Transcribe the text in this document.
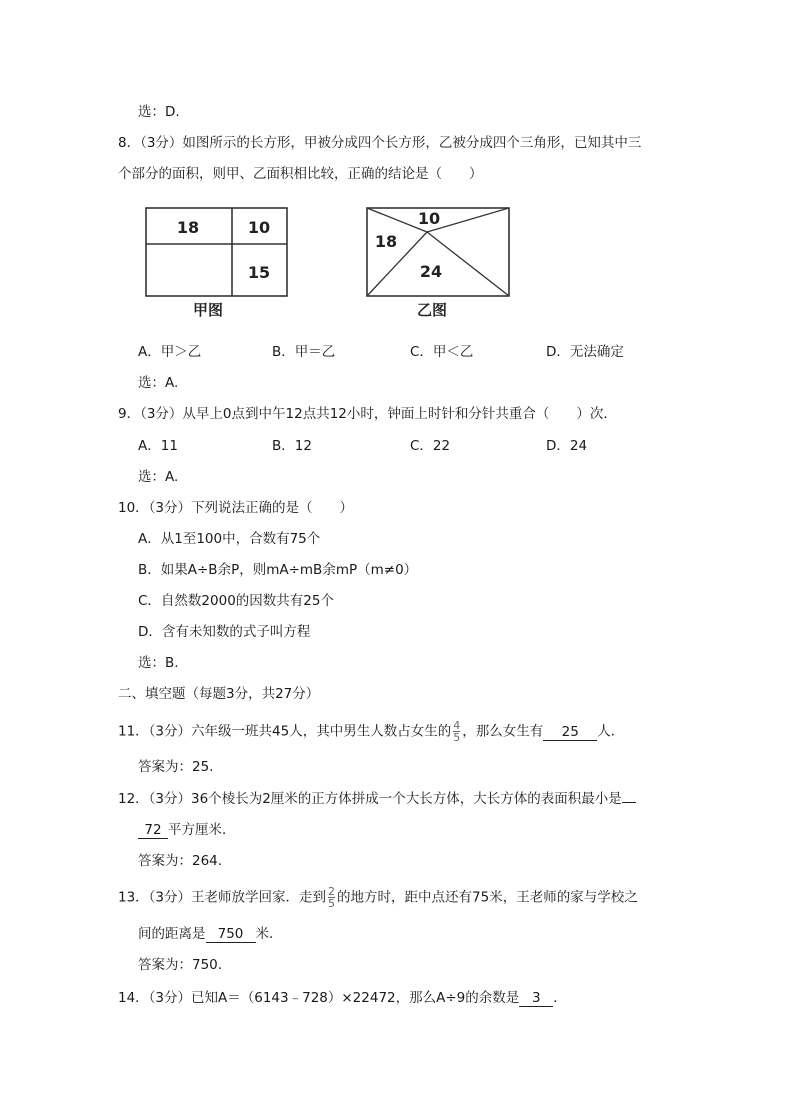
选：D.
8．（3分）如图所示的长方形，甲被分成四个长方形，乙被分成四个三角形，已知其中三
个部分的面积，则甲、乙面积相比较，正确的结论是（　　）
18	10
15
甲图
10
18
24
乙图
A．甲＞乙	B．甲＝乙	C．甲＜乙	D．无法确定
选：A.
9．（3分）从早上0点到中午12点共12小时，钟面上时针和分针共重合（　　）次．
A．11	B．12	C．22	D．24
选：A.
10．（3分）下列说法正确的是（　　）
A．从1至100中，合数有75个
B．如果A÷B余P，则mA÷mB余mP（m≠0）
C．自然数2000的因数共有25个
D．含有未知数的式子叫方程
选：B.
二、填空题（每题3分，共27分）
11．（3分）六年级一班共45人，其中男生人数占女生的 $\frac{4}{5}$ ，那么女生有 25 人．
答案为：25.
12．（3分）36个棱长为2厘米的正方体拼成一个大长方体，大长方体的表面积最小是
72 平方厘米．
答案为：264.
13．（3分）王老师放学回家．走到 $\frac{2}{5}$ 的地方时，距中点还有75米，王老师的家与学校之
间的距离是 750 米．
答案为：750.
14．（3分）已知A＝（6143﹣728）×22472，那么A÷9的余数是 3 ．
